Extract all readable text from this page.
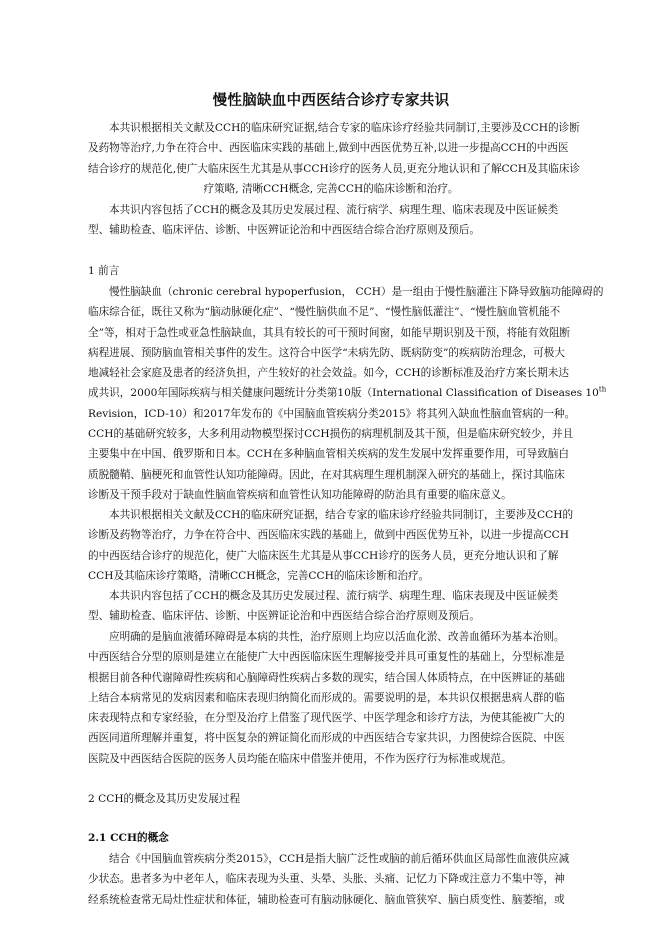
慢性脑缺血中西医结合诊疗专家共识
本共识根据相关文献及CCH的临床研究证据,结合专家的临床诊疗经验共同制订,主要涉及CCH的诊断
及药物等治疗,力争在符合中、西医临床实践的基础上,做到中西医优势互补,以进一步提高CCH的中西医
结合诊疗的规范化,使广大临床医生尤其是从事CCH诊疗的医务人员,更充分地认识和了解CCH及其临床诊
疗策略, 清晰CCH概念, 完善CCH的临床诊断和治疗。
本共识内容包括了CCH的概念及其历史发展过程、流行病学、病理生理、临床表现及中医证候类
型、辅助检查、临床评估、诊断、中医辨证论治和中西医结合综合治疗原则及预后。
1 前言
慢性脑缺血（chronic cerebral hypoperfusion， CCH）是一组由于慢性脑灌注下降导致脑功能障碍的
临床综合征，既往又称为“脑动脉硬化症”、“慢性脑供血不足”、“慢性脑低灌注”、“慢性脑血管机能不
全”等，相对于急性或亚急性脑缺血，其具有较长的可干预时间窗，如能早期识别及干预，将能有效阻断
病程进展、预防脑血管相关事件的发生。这符合中医学“未病先防、既病防变”的疾病防治理念，可极大
地减轻社会家庭及患者的经济负担，产生较好的社会效益。如今，CCH的诊断标准及治疗方案长期未达
成共识，2000年国际疾病与相关健康问题统计分类第10版（International Classification of Diseases 10th
Revision，ICD-10）和2017年发布的《中国脑血管疾病分类2015》将其列入缺血性脑血管病的一种。
CCH的基础研究较多，大多利用动物模型探讨CCH损伤的病理机制及其干预，但是临床研究较少，并且
主要集中在中国、俄罗斯和日本。CCH在多种脑血管相关疾病的发生发展中发挥重要作用，可导致脑白
质脱髓鞘、脑梗死和血管性认知功能障碍。因此，在对其病理生理机制深入研究的基础上，探讨其临床
诊断及干预手段对于缺血性脑血管疾病和血管性认知功能障碍的防治具有重要的临床意义。
本共识根据相关文献及CCH的临床研究证据，结合专家的临床诊疗经验共同制订，主要涉及CCH的
诊断及药物等治疗，力争在符合中、西医临床实践的基础上，做到中西医优势互补，以进一步提高CCH
的中西医结合诊疗的规范化，使广大临床医生尤其是从事CCH诊疗的医务人员，更充分地认识和了解
CCH及其临床诊疗策略，清晰CCH概念，完善CCH的临床诊断和治疗。
本共识内容包括了CCH的概念及其历史发展过程、流行病学、病理生理、临床表现及中医证候类
型、辅助检查、临床评估、诊断、中医辨证论治和中西医结合综合治疗原则及预后。
应明确的是脑血液循环障碍是本病的共性，治疗原则上均应以活血化淤、改善血循环为基本治则。
中西医结合分型的原则是建立在能使广大中西医临床医生理解接受并具可重复性的基础上，分型标准是
根据目前各种代谢障碍性疾病和心脑障碍性疾病占多数的现实，结合国人体质特点，在中医辨证的基础
上结合本病常见的发病因素和临床表现归纳简化而形成的。需要说明的是，本共识仅根据患病人群的临
床表现特点和专家经验，在分型及治疗上借鉴了现代医学、中医学理念和诊疗方法，为使其能被广大的
西医同道所理解并重复，将中医复杂的辨证简化而形成的中西医结合专家共识，力图使综合医院、中医
医院及中西医结合医院的医务人员均能在临床中借鉴并使用，不作为医疗行为标准或规范。
2 CCH的概念及其历史发展过程
2.1 CCH的概念
结合《中国脑血管疾病分类2015》，CCH是指大脑广泛性或脑的前后循环供血区局部性血液供应减
少状态。患者多为中老年人，临床表现为头重、头晕、头胀、头痛、记忆力下降或注意力不集中等，神
经系统检查常无局灶性症状和体征，辅助检查可有脑动脉硬化、脑血管狭窄、脑白质变性、脑萎缩，或
